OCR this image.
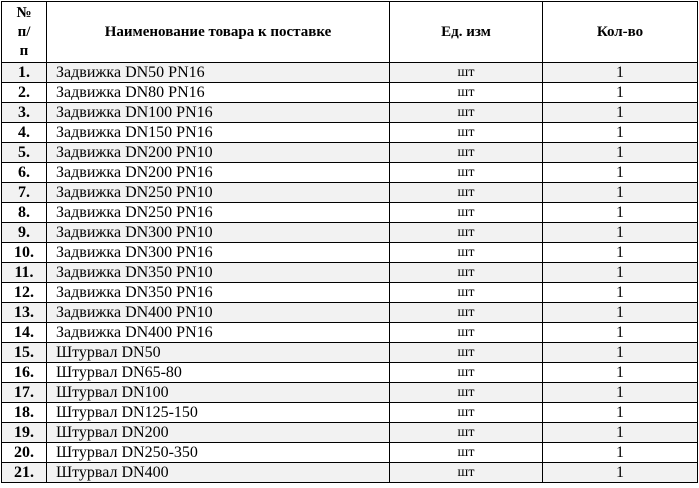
№ п/ п	Наименование товара к поставке	Ед. изм	Кол-во
1.	Задвижка DN50 PN16	шт	1
2.	Задвижка DN80 PN16	шт	1
3.	Задвижка DN100 PN16	шт	1
4.	Задвижка DN150 PN16	шт	1
5.	Задвижка DN200 PN10	шт	1
6.	Задвижка DN200 PN16	шт	1
7.	Задвижка DN250 PN10	шт	1
8.	Задвижка DN250 PN16	шт	1
9.	Задвижка DN300 PN10	шт	1
10.	Задвижка DN300 PN16	шт	1
11.	Задвижка DN350 PN10	шт	1
12.	Задвижка DN350 PN16	шт	1
13.	Задвижка DN400 PN10	шт	1
14.	Задвижка DN400 PN16	шт	1
15.	Штурвал DN50	шт	1
16.	Штурвал DN65-80	шт	1
17.	Штурвал DN100	шт	1
18.	Штурвал DN125-150	шт	1
19.	Штурвал DN200	шт	1
20.	Штурвал DN250-350	шт	1
21.	Штурвал DN400	шт	1
